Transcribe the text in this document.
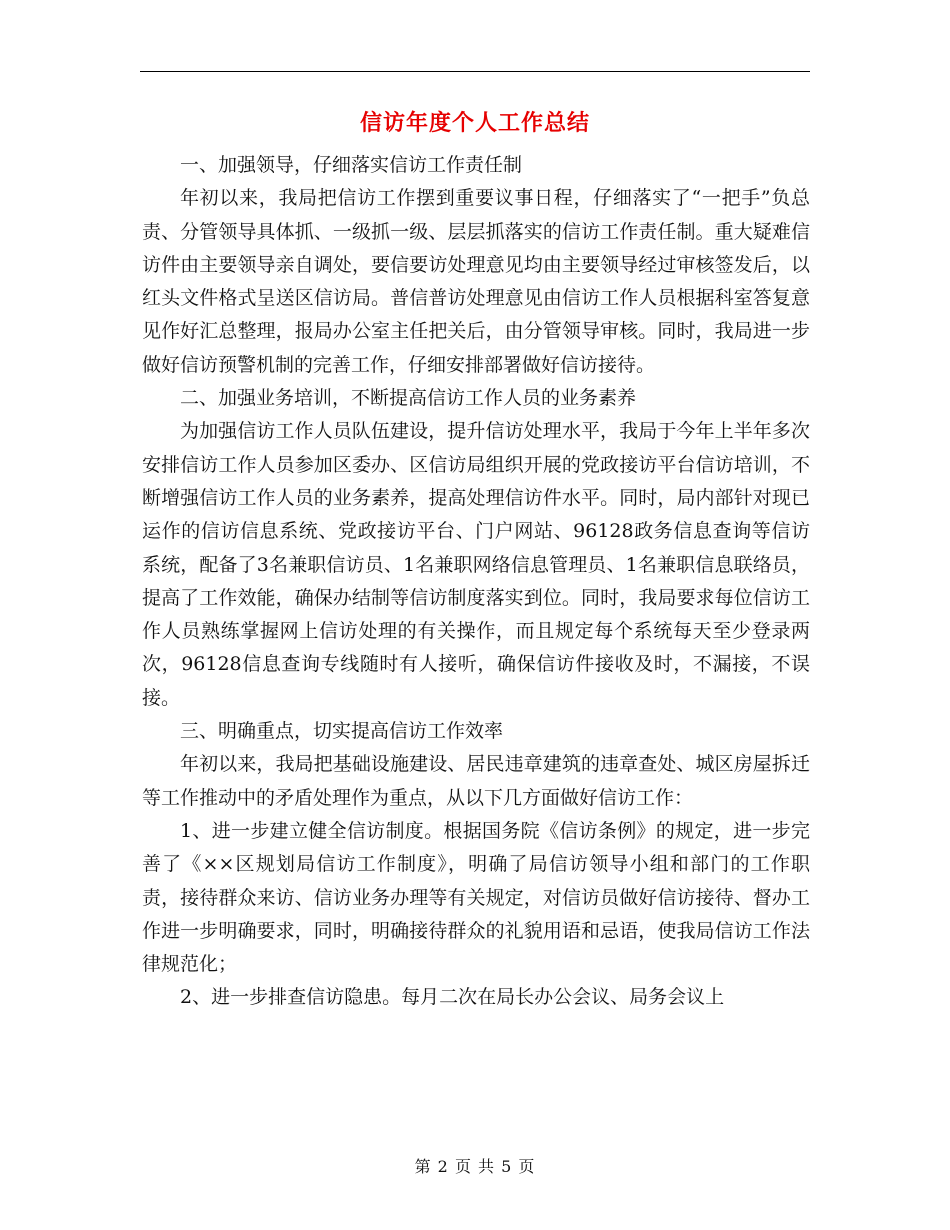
信访年度个人工作总结

一、加强领导，仔细落实信访工作责任制

年初以来，我局把信访工作摆到重要议事日程，仔细落实了“一把手”负总责、分管领导具体抓、一级抓一级、层层抓落实的信访工作责任制。重大疑难信访件由主要领导亲自调处，要信要访处理意见均由主要领导经过审核签发后，以红头文件格式呈送区信访局。普信普访处理意见由信访工作人员根据科室答复意见作好汇总整理，报局办公室主任把关后，由分管领导审核。同时，我局进一步做好信访预警机制的完善工作，仔细安排部署做好信访接待。

二、加强业务培训，不断提高信访工作人员的业务素养

为加强信访工作人员队伍建设，提升信访处理水平，我局于今年上半年多次安排信访工作人员参加区委办、区信访局组织开展的党政接访平台信访培训，不断增强信访工作人员的业务素养，提高处理信访件水平。同时，局内部针对现已运作的信访信息系统、党政接访平台、门户网站、96128政务信息查询等信访系统，配备了3名兼职信访员、1名兼职网络信息管理员、1名兼职信息联络员，提高了工作效能，确保办结制等信访制度落实到位。同时，我局要求每位信访工作人员熟练掌握网上信访处理的有关操作，而且规定每个系统每天至少登录两次，96128信息查询专线随时有人接听，确保信访件接收及时，不漏接，不误接。

三、明确重点，切实提高信访工作效率

年初以来，我局把基础设施建设、居民违章建筑的违章查处、城区房屋拆迁等工作推动中的矛盾处理作为重点，从以下几方面做好信访工作：

1、进一步建立健全信访制度。根据国务院《信访条例》的规定，进一步完善了《××区规划局信访工作制度》，明确了局信访领导小组和部门的工作职责，接待群众来访、信访业务办理等有关规定，对信访员做好信访接待、督办工作进一步明确要求，同时，明确接待群众的礼貌用语和忌语，使我局信访工作法律规范化；

2、进一步排查信访隐患。每月二次在局长办公会议、局务会议上

第 2 页 共 5 页
